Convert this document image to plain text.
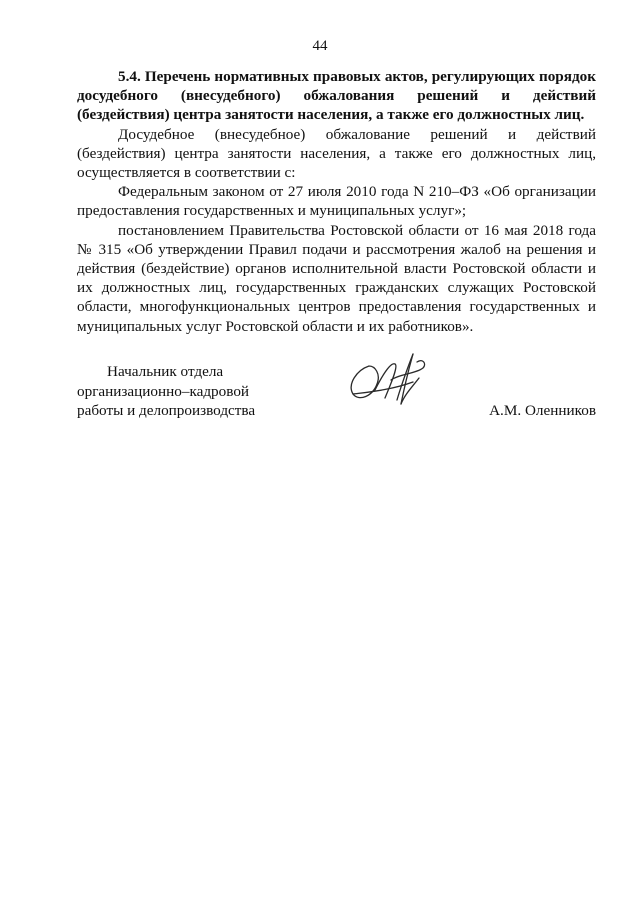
44

5.4. Перечень нормативных правовых актов, регулирующих порядок досудебного (внесудебного) обжалования решений и действий (бездействия) центра занятости населения, а также его должностных лиц.

Досудебное (внесудебное) обжалование решений и действий (бездействия) центра занятости населения, а также его должностных лиц, осуществляется в соответствии с:

Федеральным законом от 27 июля 2010 года N 210–ФЗ «Об организации предоставления государственных и муниципальных услуг»;

постановлением Правительства Ростовской области от 16 мая 2018 года № 315 «Об утверждении Правил подачи и рассмотрения жалоб на решения и действия (бездействие) органов исполнительной власти Ростовской области и их должностных лиц, государственных гражданских служащих Ростовской области, многофункциональных центров предоставления государственных и муниципальных услуг Ростовской области и их работников».

Начальник отдела
организационно–кадровой
работы и делопроизводства	А.М. Оленников
